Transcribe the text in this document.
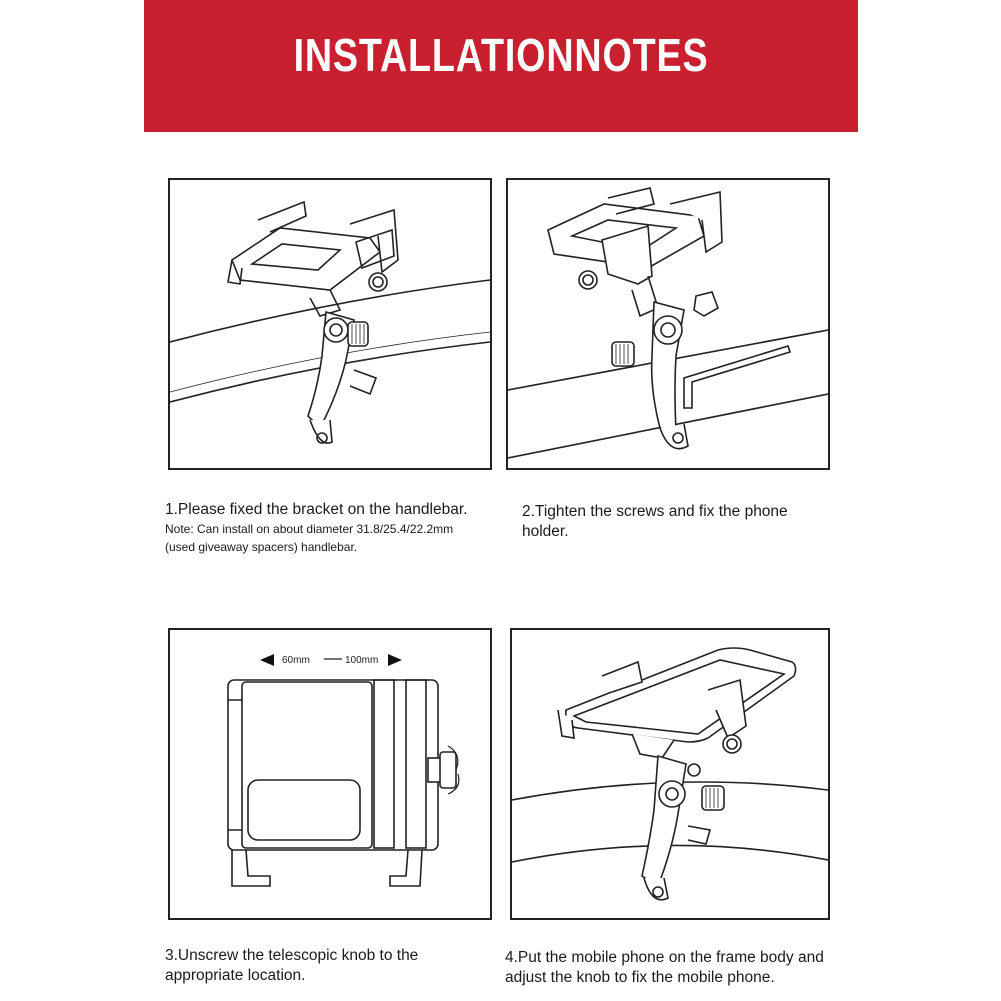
INSTALLATIONNOTES
60mm	100mm
1.Please fixed the bracket on the handlebar.
Note: Can install on about diameter 31.8/25.4/22.2mm
(used giveaway spacers) handlebar.
2.Tighten the screws and fix the phone holder.
3.Unscrew the telescopic knob to the appropriate location.
4.Put the mobile phone on the frame body and adjust the knob to fix the mobile phone.
